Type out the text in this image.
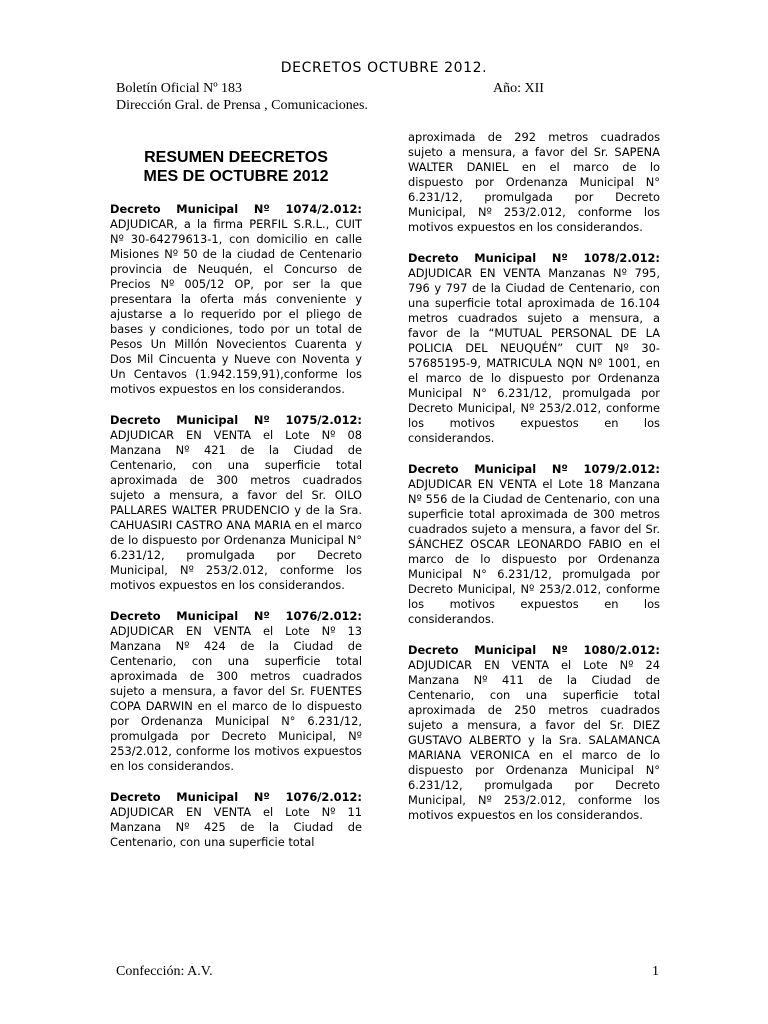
DECRETOS OCTUBRE 2012.
Boletín Oficial Nº 183	Año: XII
Dirección Gral. de Prensa , Comunicaciones.
RESUMEN DEECRETOS
MES DE OCTUBRE 2012

Decreto Municipal Nº 1074/2.012: ADJUDICAR, a la firma PERFIL S.R.L., CUIT Nº 30-64279613-1, con domicilio en calle Misiones Nº 50 de la ciudad de Centenario provincia de Neuquén, el Concurso de Precios Nº 005/12 OP, por ser la que presentara la oferta más conveniente y ajustarse a lo requerido por el pliego de bases y condiciones, todo por un total de Pesos Un Millón Novecientos Cuarenta y Dos Mil Cincuenta y Nueve con Noventa y Un Centavos (1.942.159,91),conforme los motivos expuestos en los considerandos.

Decreto Municipal Nº 1075/2.012: ADJUDICAR EN VENTA el Lote Nº 08 Manzana Nº 421 de la Ciudad de Centenario, con una superficie total aproximada de 300 metros cuadrados sujeto a mensura, a favor del Sr. OILO PALLARES WALTER PRUDENCIO y de la Sra. CAHUASIRI CASTRO ANA MARIA en el marco de lo dispuesto por Ordenanza Municipal N° 6.231/12, promulgada por Decreto Municipal, Nº 253/2.012, conforme los motivos expuestos en los considerandos.

Decreto Municipal Nº 1076/2.012: ADJUDICAR EN VENTA el Lote Nº 13 Manzana Nº 424 de la Ciudad de Centenario, con una superficie total aproximada de 300 metros cuadrados sujeto a mensura, a favor del Sr. FUENTES COPA DARWIN en el marco de lo dispuesto por Ordenanza Municipal N° 6.231/12, promulgada por Decreto Municipal, Nº 253/2.012, conforme los motivos expuestos en los considerandos.

Decreto Municipal Nº 1076/2.012: ADJUDICAR EN VENTA el Lote Nº 11 Manzana Nº 425 de la Ciudad de Centenario, con una superficie total

aproximada de 292 metros cuadrados sujeto a mensura, a favor del Sr. SAPENA WALTER DANIEL en el marco de lo dispuesto por Ordenanza Municipal N° 6.231/12, promulgada por Decreto Municipal, Nº 253/2.012, conforme los motivos expuestos en los considerandos.

Decreto Municipal Nº 1078/2.012: ADJUDICAR EN VENTA Manzanas Nº 795, 796 y 797 de la Ciudad de Centenario, con una superficie total aproximada de 16.104 metros cuadrados sujeto a mensura, a favor de la “MUTUAL PERSONAL DE LA POLICIA DEL NEUQUÉN” CUIT Nº 30-57685195-9, MATRICULA NQN Nº 1001, en el marco de lo dispuesto por Ordenanza Municipal N° 6.231/12, promulgada por Decreto Municipal, Nº 253/2.012, conforme los motivos expuestos en los considerandos.

Decreto Municipal Nº 1079/2.012: ADJUDICAR EN VENTA el Lote 18 Manzana Nº 556 de la Ciudad de Centenario, con una superficie total aproximada de 300 metros cuadrados sujeto a mensura, a favor del Sr. SÁNCHEZ OSCAR LEONARDO FABIO en el marco de lo dispuesto por Ordenanza Municipal N° 6.231/12, promulgada por Decreto Municipal, Nº 253/2.012, conforme los motivos expuestos en los considerandos.

Decreto Municipal Nº 1080/2.012: ADJUDICAR EN VENTA el Lote Nº 24 Manzana Nº 411 de la Ciudad de Centenario, con una superficie total aproximada de 250 metros cuadrados sujeto a mensura, a favor del Sr. DIEZ GUSTAVO ALBERTO y la Sra. SALAMANCA MARIANA VERONICA en el marco de lo dispuesto por Ordenanza Municipal N° 6.231/12, promulgada por Decreto Municipal, Nº 253/2.012, conforme los motivos expuestos en los considerandos.

Confección: A.V.	1
